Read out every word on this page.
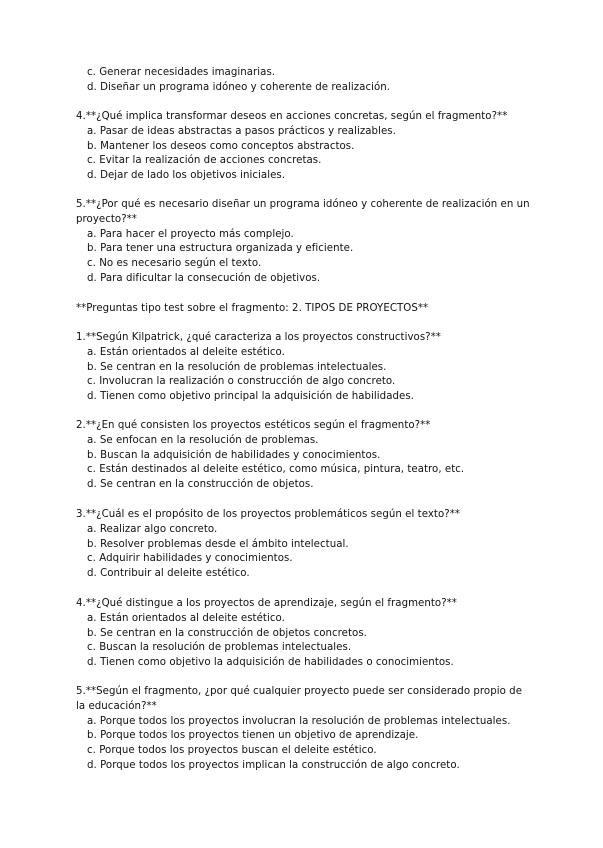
c. Generar necesidades imaginarias.
d. Diseñar un programa idóneo y coherente de realización.
4.**¿Qué implica transformar deseos en acciones concretas, según el fragmento?**
a. Pasar de ideas abstractas a pasos prácticos y realizables.
b. Mantener los deseos como conceptos abstractos.
c. Evitar la realización de acciones concretas.
d. Dejar de lado los objetivos iniciales.
5.**¿Por qué es necesario diseñar un programa idóneo y coherente de realización en un proyecto?**
a. Para hacer el proyecto más complejo.
b. Para tener una estructura organizada y eficiente.
c. No es necesario según el texto.
d. Para dificultar la consecución de objetivos.
**Preguntas tipo test sobre el fragmento: 2. TIPOS DE PROYECTOS**
1.**Según Kilpatrick, ¿qué caracteriza a los proyectos constructivos?**
a. Están orientados al deleite estético.
b. Se centran en la resolución de problemas intelectuales.
c. Involucran la realización o construcción de algo concreto.
d. Tienen como objetivo principal la adquisición de habilidades.
2.**¿En qué consisten los proyectos estéticos según el fragmento?**
a. Se enfocan en la resolución de problemas.
b. Buscan la adquisición de habilidades y conocimientos.
c. Están destinados al deleite estético, como música, pintura, teatro, etc.
d. Se centran en la construcción de objetos.
3.**¿Cuál es el propósito de los proyectos problemáticos según el texto?**
a. Realizar algo concreto.
b. Resolver problemas desde el ámbito intelectual.
c. Adquirir habilidades y conocimientos.
d. Contribuir al deleite estético.
4.**¿Qué distingue a los proyectos de aprendizaje, según el fragmento?**
a. Están orientados al deleite estético.
b. Se centran en la construcción de objetos concretos.
c. Buscan la resolución de problemas intelectuales.
d. Tienen como objetivo la adquisición de habilidades o conocimientos.
5.**Según el fragmento, ¿por qué cualquier proyecto puede ser considerado propio de la educación?**
a. Porque todos los proyectos involucran la resolución de problemas intelectuales.
b. Porque todos los proyectos tienen un objetivo de aprendizaje.
c. Porque todos los proyectos buscan el deleite estético.
d. Porque todos los proyectos implican la construcción de algo concreto.
